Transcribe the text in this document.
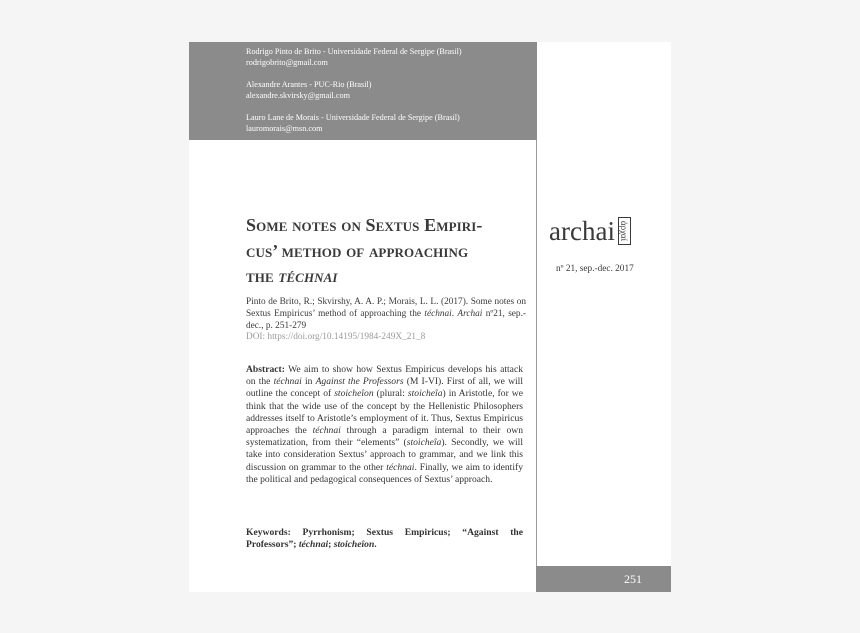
Rodrigo Pinto de Brito - Universidade Federal de Sergipe (Brasil)
rodrigobrito@gmail.com
Alexandre Arantes - PUC-Rio (Brasil)
alexandre.skvirsky@gmail.com
Lauro Lane de Morais - Universidade Federal de Sergipe (Brasil)
lauromorais@msn.com
Some notes on Sextus Empiri-
cus’ method of approaching
the téchnai
Pinto de Brito, R.; Skvirshy, A. A. P.; Morais, L. L. (2017). Some notes on Sextus Empiricus’ method of approaching the téchnai. Archai nº21, sep.- dec., p. 251-279
DOI: https://doi.org/10.14195/1984-249X_21_8
Abstract: We aim to show how Sextus Empiricus develops his attack on the téchnai in Against the Professors (M I-VI). First of all, we will outline the concept of stoicheîon (plural: stoicheîa) in Aristotle, for we think that the wide use of the concept by the Hellenistic Philosophers addresses itself to Aristotle’s employment of it. Thus, Sextus Empiricus approaches the téchnai through a paradigm internal to their own systematization, from their “elements” (stoicheîa). Secondly, we will take into consideration Sextus’ approach to grammar, and we link this discussion on grammar to the other téchnai. Finally, we aim to identify the political and pedagogical consequences of Sextus’ approach.
Keywords: Pyrrhonism; Sextus Empiricus; “Against the Professors”; téchnai; stoicheîon.
archai ἀρχαί
nº 21, sep.-dec. 2017
251
